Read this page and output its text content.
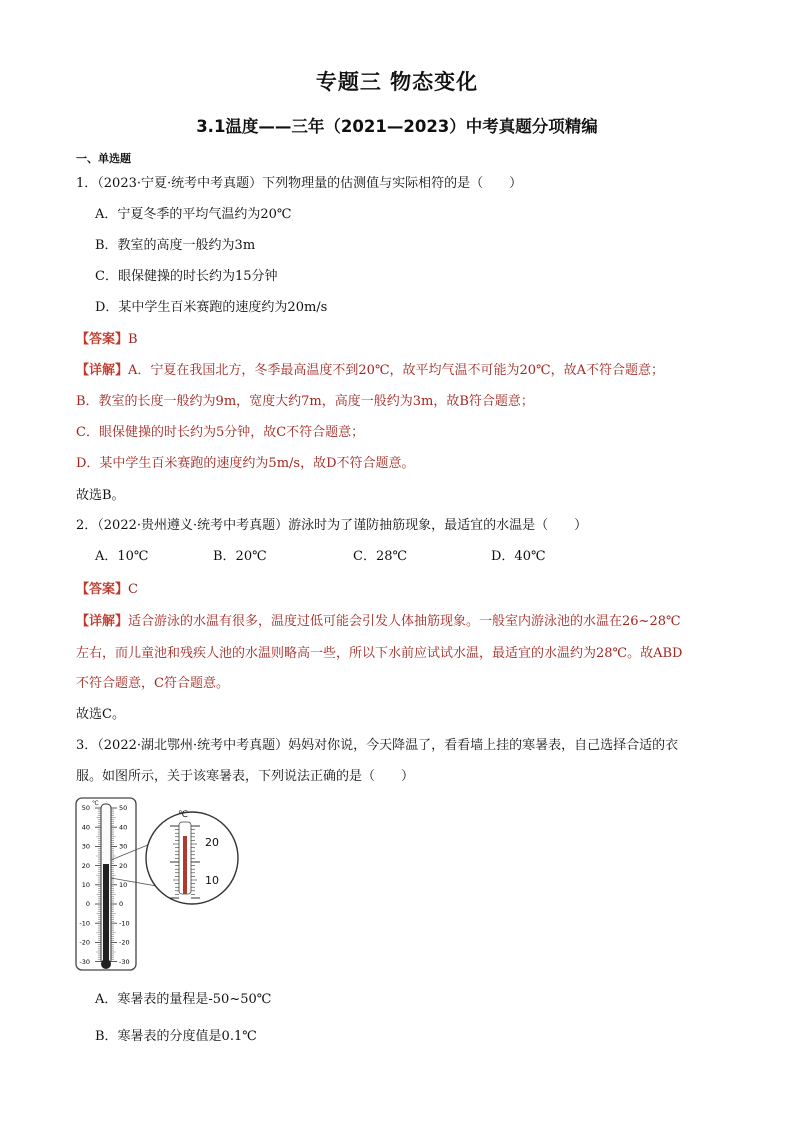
专题三 物态变化
3.1温度——三年（2021—2023）中考真题分项精编
一、单选题
1．（2023·宁夏·统考中考真题）下列物理量的估测值与实际相符的是（　　）
A．宁夏冬季的平均气温约为20℃
B．教室的高度一般约为3m
C．眼保健操的时长约为15分钟
D．某中学生百米赛跑的速度约为20m/s
【答案】B
【详解】A．宁夏在我国北方，冬季最高温度不到20℃，故平均气温不可能为20℃，故A不符合题意；
B．教室的长度一般约为9m，宽度大约7m，高度一般约为3m，故B符合题意；
C．眼保健操的时长约为5分钟，故C不符合题意；
D．某中学生百米赛跑的速度约为5m/s，故D不符合题意。
故选B。
2．（2022·贵州遵义·统考中考真题）游泳时为了谨防抽筋现象，最适宜的水温是（　　）
A．10℃	B．20℃	C．28℃	D．40℃
【答案】C
【详解】适合游泳的水温有很多，温度过低可能会引发人体抽筋现象。一般室内游泳池的水温在26~28℃
左右，而儿童池和残疾人池的水温则略高一些，所以下水前应试试水温，最适宜的水温约为28℃。故ABD
不符合题意，C符合题意。
故选C。
3．（2022·湖北鄂州·统考中考真题）妈妈对你说，今天降温了，看看墙上挂的寒暑表，自己选择合适的衣
服。如图所示，关于该寒暑表，下列说法正确的是（　　）
℃
50
40
30
20
10
0
-10
-20
-30
50
40
30
20
10
0
-10
-20
-30
℃
20
10
A．寒暑表的量程是-50~50℃
B．寒暑表的分度值是0.1℃
